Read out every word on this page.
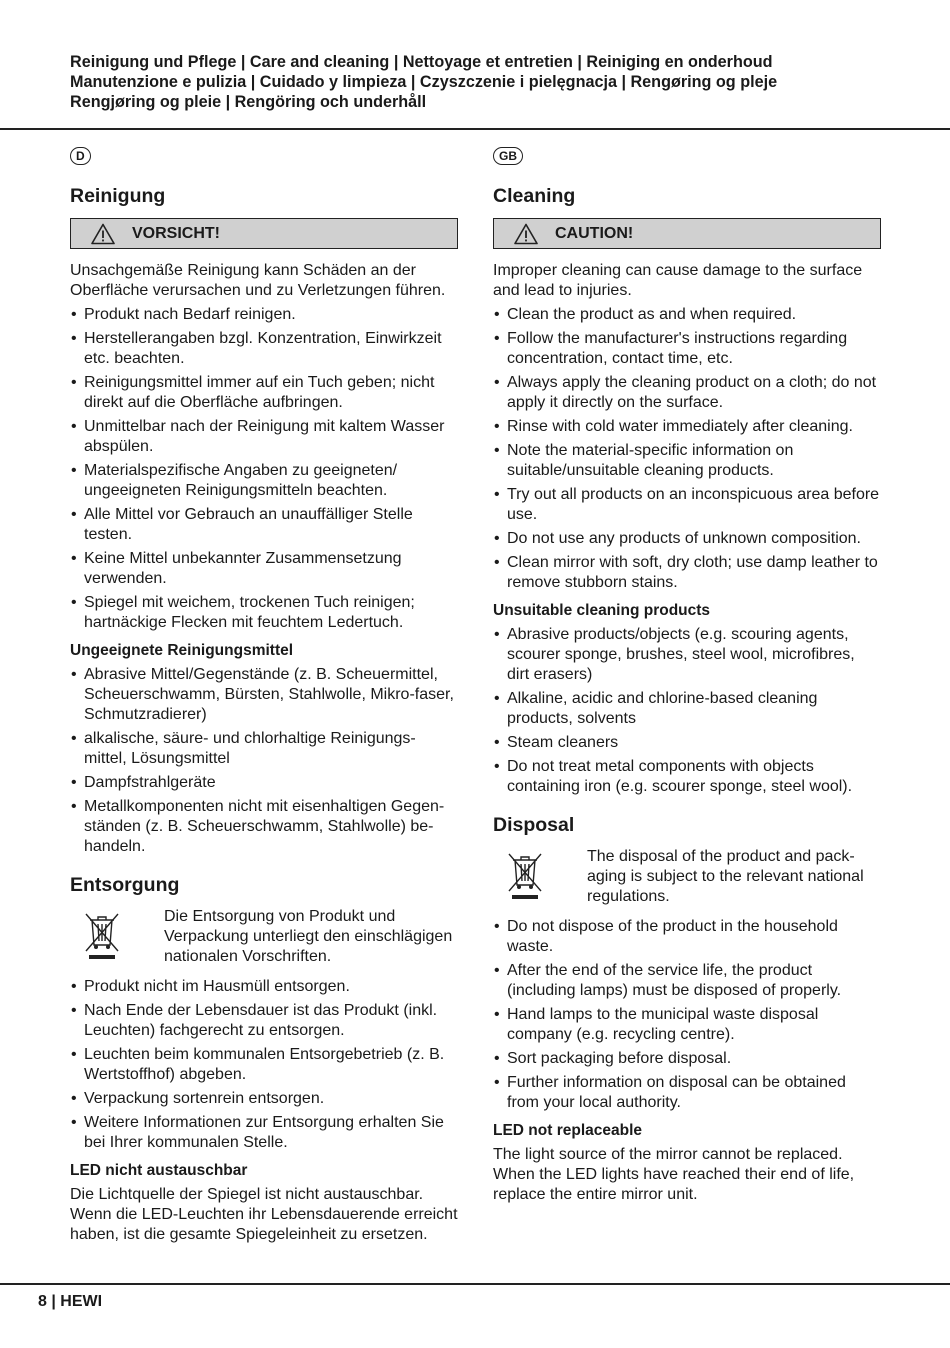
Reinigung und Pflege | Care and cleaning | Nettoyage et entretien | Reiniging en onderhoud
Manutenzione e pulizia | Cuidado y limpieza | Czyszczenie i pielęgnacja | Rengøring og pleje
Rengjøring og pleie | Rengöring och underhåll
D
Reinigung
VORSICHT!

Unsachgemäße Reinigung kann Schäden an der Oberfläche verursachen und zu Verletzungen führen.

• Produkt nach Bedarf reinigen.
• Herstellerangaben bzgl. Konzentration, Einwirkzeit etc. beachten.
• Reinigungsmittel immer auf ein Tuch geben; nicht direkt auf die Oberfläche aufbringen.
• Unmittelbar nach der Reinigung mit kaltem Wasser abspülen.
• Materialspezifische Angaben zu geeigneten/ ungeeigneten Reinigungsmitteln beachten.
• Alle Mittel vor Gebrauch an unauffälliger Stelle testen.
• Keine Mittel unbekannter Zusammensetzung verwenden.
• Spiegel mit weichem, trockenen Tuch reinigen; hartnäckige Flecken mit feuchtem Ledertuch.
Ungeeignete Reinigungsmittel
• Abrasive Mittel/Gegenstände (z. B. Scheuermittel, Scheuerschwamm, Bürsten, Stahlwolle, Mikro-faser, Schmutzradierer)
• alkalische, säure- und chlorhaltige Reinigungs-mittel, Lösungsmittel
• Dampfstrahlgeräte
• Metallkomponenten nicht mit eisenhaltigen Gegen-ständen (z. B. Scheuerschwamm, Stahlwolle) be-handeln.
Entsorgung
Die Entsorgung von Produkt und Verpackung unterliegt den einschlägigen nationalen Vorschriften.
• Produkt nicht im Hausmüll entsorgen.
• Nach Ende der Lebensdauer ist das Produkt (inkl. Leuchten) fachgerecht zu entsorgen.
• Leuchten beim kommunalen Entsorgebetrieb (z. B. Wertstoffhof) abgeben.
• Verpackung sortenrein entsorgen.
• Weitere Informationen zur Entsorgung erhalten Sie bei Ihrer kommunalen Stelle.
LED nicht austauschbar

Die Lichtquelle der Spiegel ist nicht austauschbar. Wenn die LED-Leuchten ihr Lebensdauerende erreicht haben, ist die gesamte Spiegeleinheit zu ersetzen.

GB
Cleaning
CAUTION!

Improper cleaning can cause damage to the surface and lead to injuries.

• Clean the product as and when required.
• Follow the manufacturer's instructions regarding concentration, contact time, etc.
• Always apply the cleaning product on a cloth; do not apply it directly on the surface.
• Rinse with cold water immediately after cleaning.
• Note the material-specific information on suitable/unsuitable cleaning products.
• Try out all products on an inconspicuous area before use.
• Do not use any products of unknown composition.
• Clean mirror with soft, dry cloth; use damp leather to remove stubborn stains.
Unsuitable cleaning products
• Abrasive products/objects (e.g. scouring agents, scourer sponge, brushes, steel wool, microfibres, dirt erasers)
• Alkaline, acidic and chlorine-based cleaning products, solvents
• Steam cleaners
• Do not treat metal components with objects containing iron (e.g. scourer sponge, steel wool).
Disposal
The disposal of the product and pack-aging is subject to the relevant national regulations.
• Do not dispose of the product in the household waste.
• After the end of the service life, the product (including lamps) must be disposed of properly.
• Hand lamps to the municipal waste disposal company (e.g. recycling centre).
• Sort packaging before disposal.
• Further information on disposal can be obtained from your local authority.
LED not replaceable

The light source of the mirror cannot be replaced. When the LED lights have reached their end of life, replace the entire mirror unit.

8 | HEWI
